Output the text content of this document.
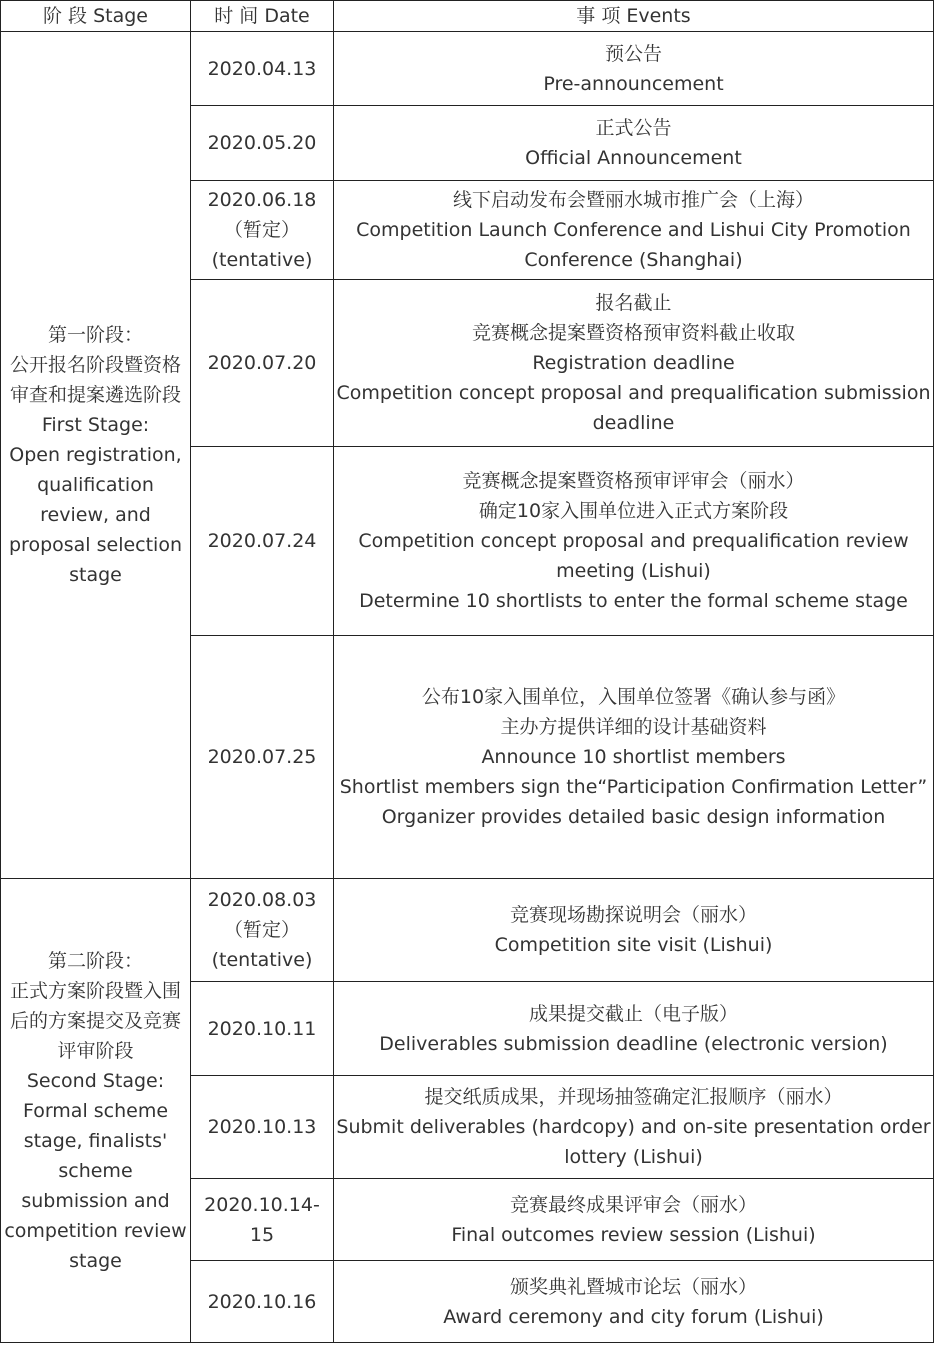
阶 段 Stage	时 间 Date	事 项 Events
第一阶段：
公开报名阶段暨资格审查和提案遴选阶段
First Stage:
Open registration, qualification review, and proposal selection stage	2020.04.13	预公告
Pre-announcement

	2020.05.20	正式公告
Official Announcement

	2020.06.18
（暂定）
(tentative)	线下启动发布会暨丽水城市推广会（上海）
Competition Launch Conference and Lishui City Promotion Conference (Shanghai)

	2020.07.20	报名截止
竞赛概念提案暨资格预审资料截止收取
Registration deadline
Competition concept proposal and prequalification submission deadline

	2020.07.24	竞赛概念提案暨资格预审评审会（丽水）
确定10家入围单位进入正式方案阶段
Competition concept proposal and prequalification review meeting (Lishui)
Determine 10 shortlists to enter the formal scheme stage

	2020.07.25	公布10家入围单位，入围单位签署《确认参与函》
主办方提供详细的设计基础资料
Announce 10 shortlist members
Shortlist members sign the“Participation Confirmation Letter”
Organizer provides detailed basic design information

第二阶段：
正式方案阶段暨入围后的方案提交及竞赛评审阶段
Second Stage:
Formal scheme stage, finalists' scheme submission and competition review stage	2020.08.03
（暂定）
(tentative)	竞赛现场勘探说明会（丽水）
Competition site visit (Lishui)

	2020.10.11	成果提交截止（电子版）
Deliverables submission deadline (electronic version)

	2020.10.13	提交纸质成果，并现场抽签确定汇报顺序（丽水）
Submit deliverables (hardcopy) and on-site presentation order lottery (Lishui)

	2020.10.14-15	竞赛最终成果评审会（丽水）
Final outcomes review session (Lishui)

	2020.10.16	颁奖典礼暨城市论坛（丽水）
Award ceremony and city forum (Lishui)
